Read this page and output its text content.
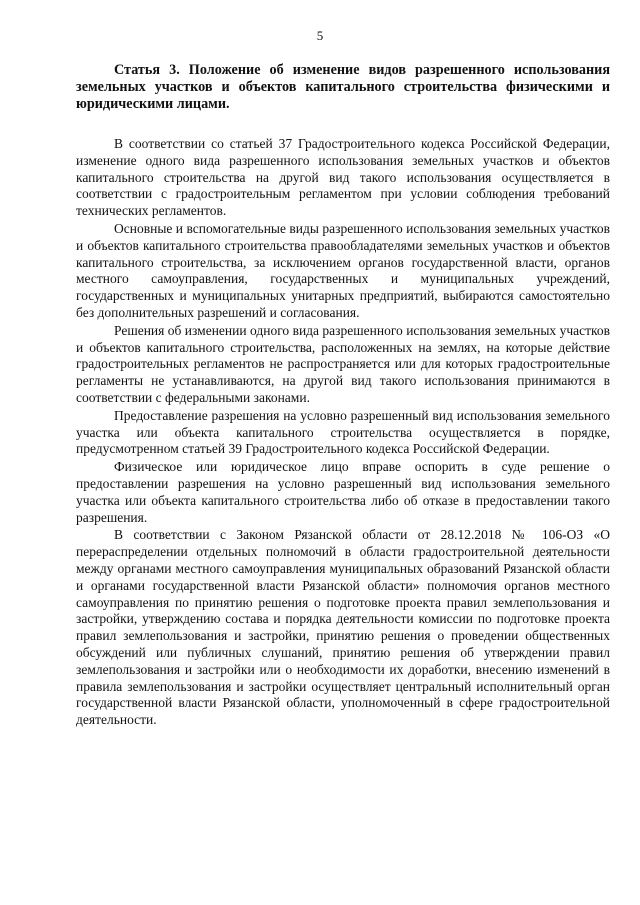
5

Статья 3. Положение об изменение видов разрешенного использования земельных участков и объектов капитального строительства физическими и юридическими лицами.

В соответствии со статьей 37 Градостроительного кодекса Российской Федерации, изменение одного вида разрешенного использования земельных участков и объектов капитального строительства на другой вид такого использования осуществляется в соответствии с градостроительным регламентом при условии соблюдения требований технических регламентов.

Основные и вспомогательные виды разрешенного использования земельных участков и объектов капитального строительства правообладателями земельных участков и объектов капитального строительства, за исключением органов государственной власти, органов местного самоуправления, государственных и муниципальных учреждений, государственных и муниципальных унитарных предприятий, выбираются самостоятельно без дополнительных разрешений и согласования.

Решения об изменении одного вида разрешенного использования земельных участков и объектов капитального строительства, расположенных на землях, на которые действие градостроительных регламентов не распространяется или для которых градостроительные регламенты не устанавливаются, на другой вид такого использования принимаются в соответствии с федеральными законами.

Предоставление разрешения на условно разрешенный вид использования земельного участка или объекта капитального строительства осуществляется в порядке, предусмотренном статьей 39 Градостроительного кодекса Российской Федерации.

Физическое или юридическое лицо вправе оспорить в суде решение о предоставлении разрешения на условно разрешенный вид использования земельного участка или объекта капитального строительства либо об отказе в предоставлении такого разрешения.

В соответствии с Законом Рязанской области от 28.12.2018 № 106-ОЗ «О перераспределении отдельных полномочий в области градостроительной деятельности между органами местного самоуправления муниципальных образований Рязанской области и органами государственной власти Рязанской области» полномочия органов местного самоуправления по принятию решения о подготовке проекта правил землепользования и застройки, утверждению состава и порядка деятельности комиссии по подготовке проекта правил землепользования и застройки, принятию решения о проведении общественных обсуждений или публичных слушаний, принятию решения об утверждении правил землепользования и застройки или о необходимости их доработки, внесению изменений в правила землепользования и застройки осуществляет центральный исполнительный орган государственной власти Рязанской области, уполномоченный в сфере градостроительной деятельности.
